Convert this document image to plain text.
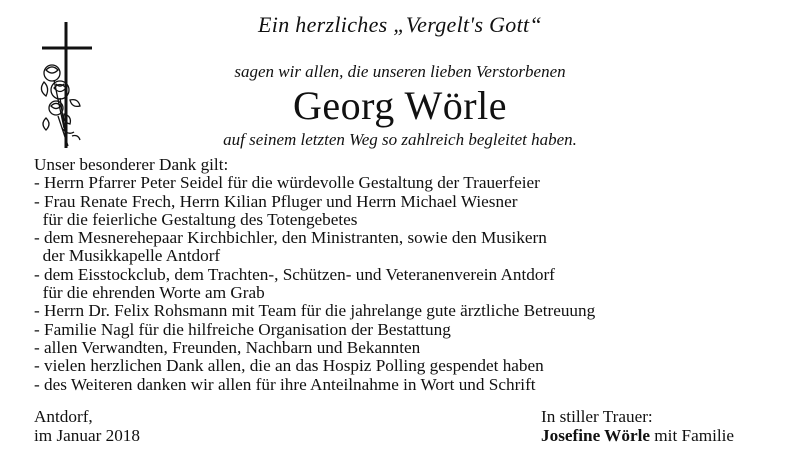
Ein herzliches „Vergelt's Gott“
sagen wir allen, die unseren lieben Verstorbenen
Georg Wörle
auf seinem letzten Weg so zahlreich begleitet haben.
Unser besonderer Dank gilt:
- Herrn Pfarrer Peter Seidel für die würdevolle Gestaltung der Trauerfeier
- Frau Renate Frech, Herrn Kilian Pfluger und Herrn Michael Wiesner
für die feierliche Gestaltung des Totengebetes
- dem Mesnerehepaar Kirchbichler, den Ministranten, sowie den Musikern
der Musikkapelle Antdorf
- dem Eisstockclub, dem Trachten-, Schützen- und Veteranenverein Antdorf
für die ehrenden Worte am Grab
- Herrn Dr. Felix Rohsmann mit Team für die jahrelange gute ärztliche Betreuung
- Familie Nagl für die hilfreiche Organisation der Bestattung
- allen Verwandten, Freunden, Nachbarn und Bekannten
- vielen herzlichen Dank allen, die an das Hospiz Polling gespendet haben
- des Weiteren danken wir allen für ihre Anteilnahme in Wort und Schrift
Antdorf,
im Januar 2018
In stiller Trauer:
Josefine Wörle mit Familie
